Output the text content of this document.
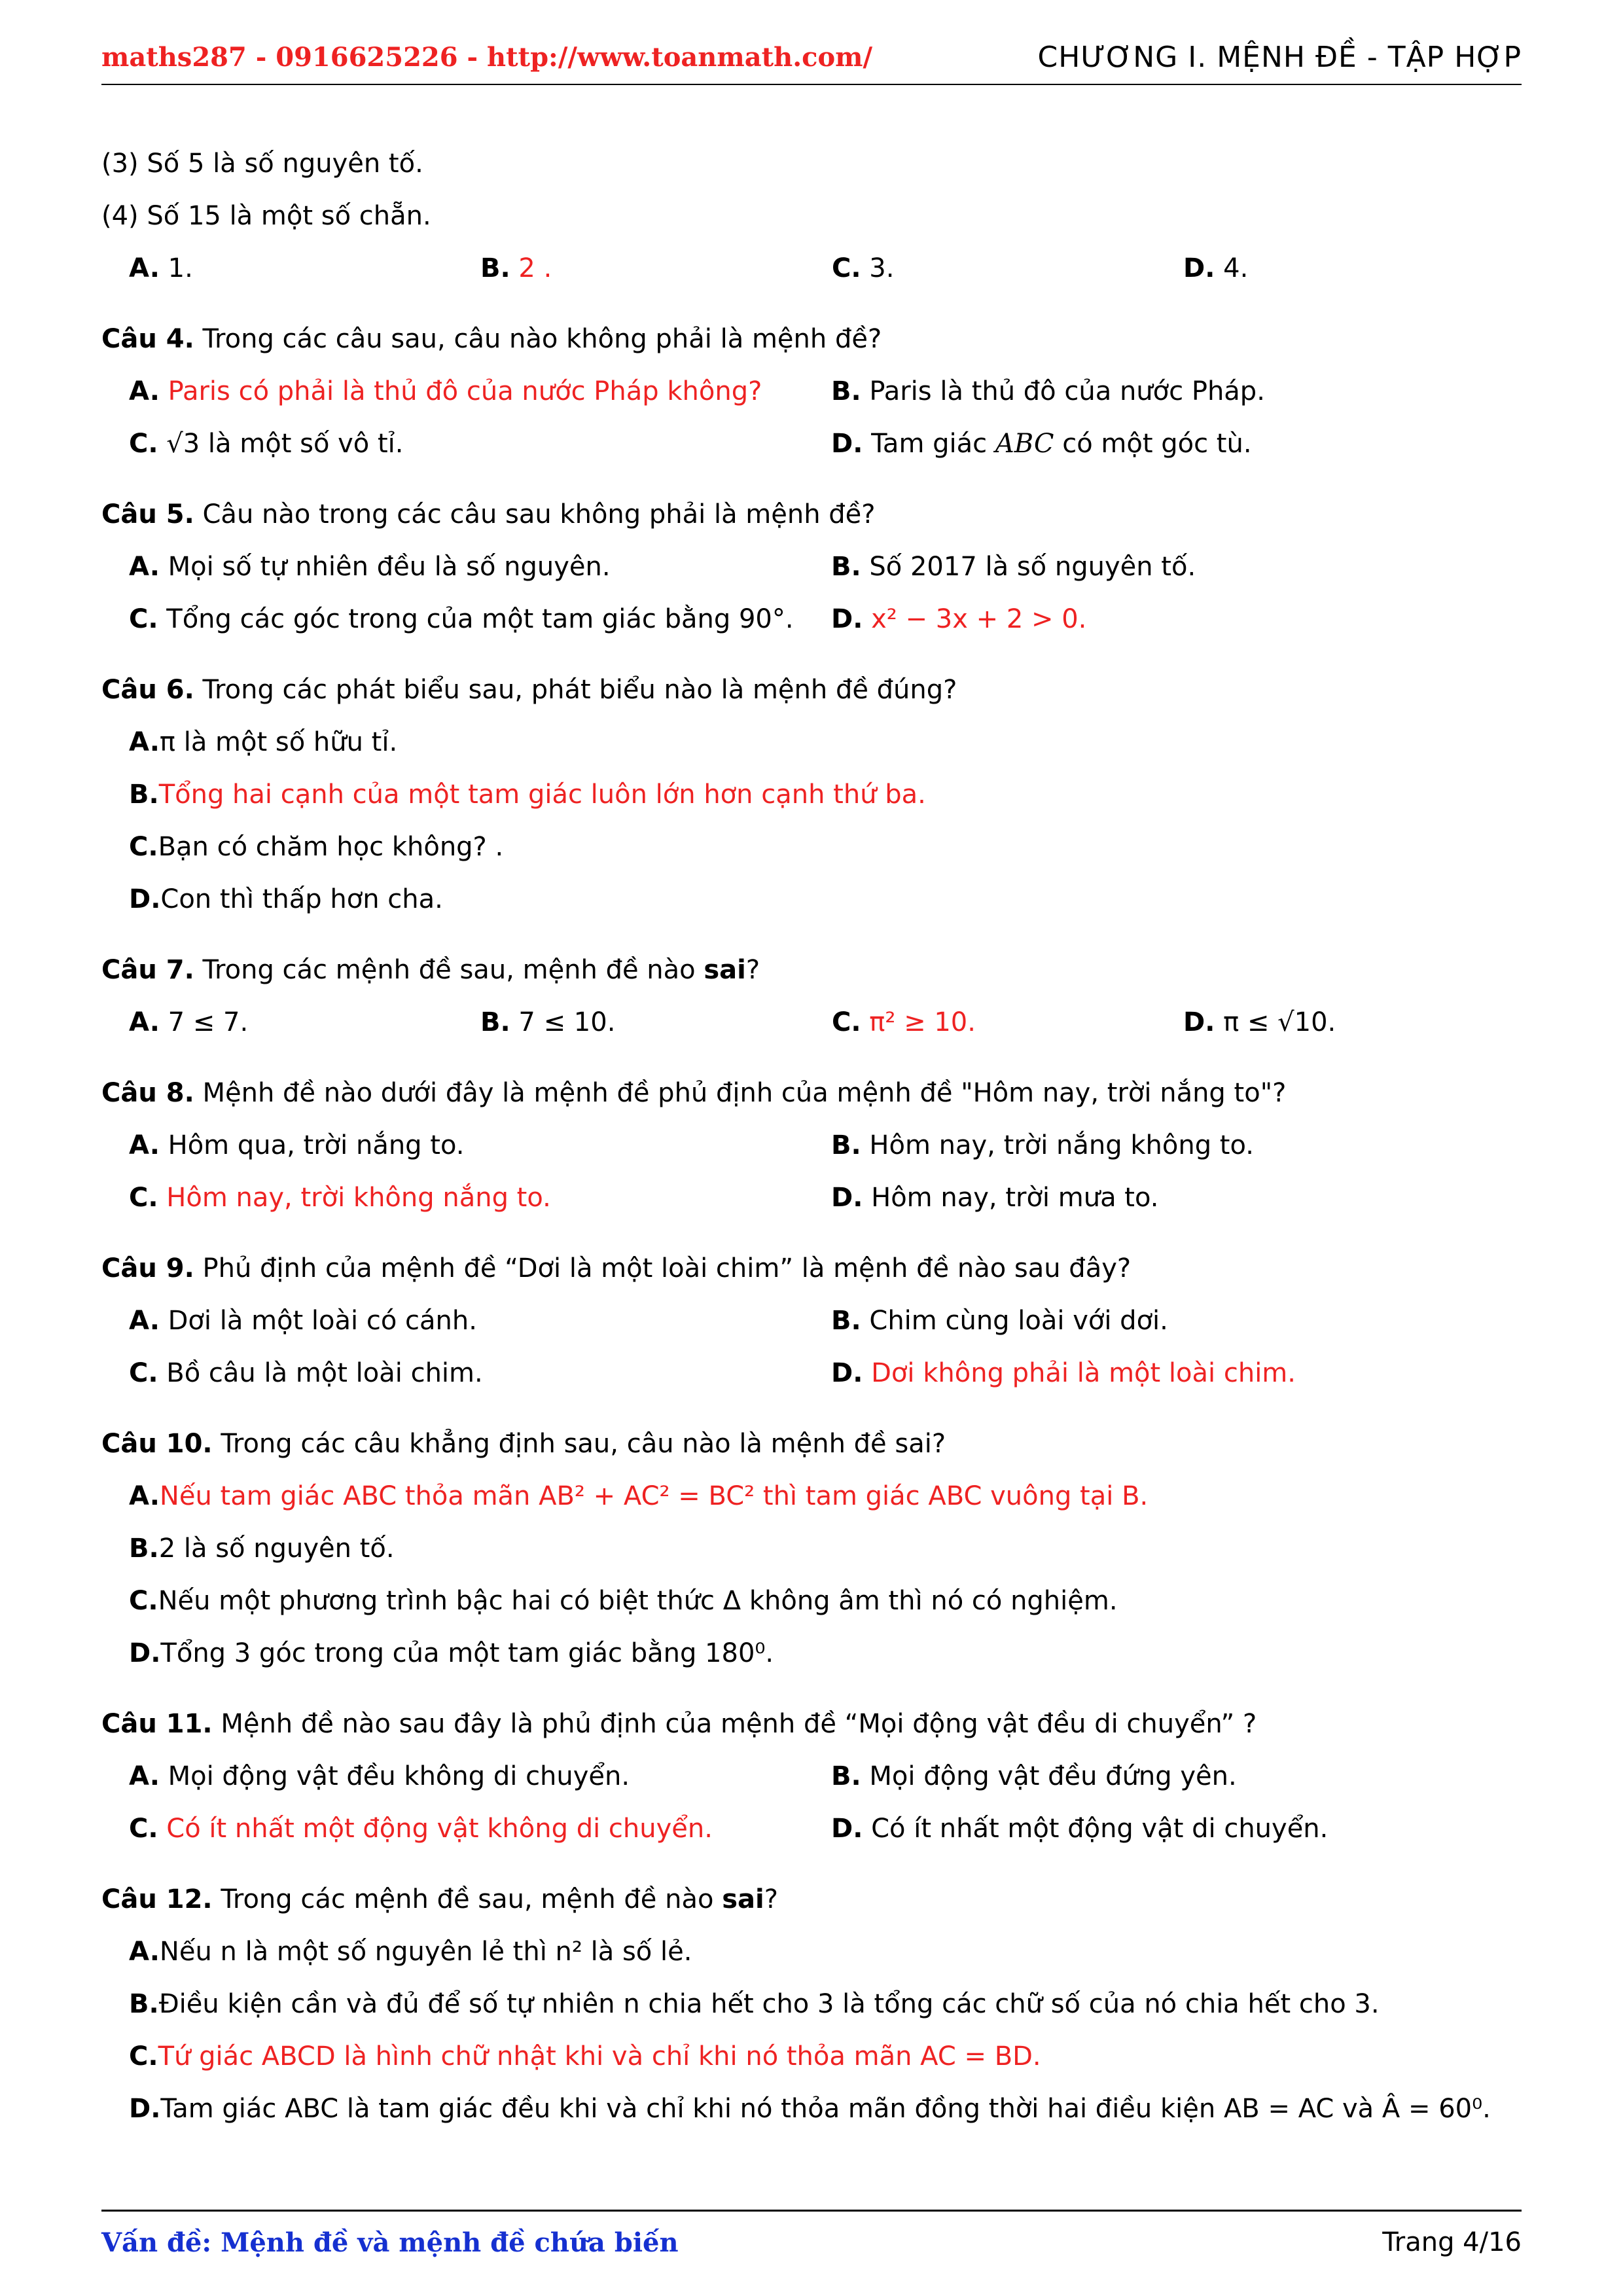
maths287 - 0916625226 - http://www.toanmath.com/	CHƯƠNG I. MỆNH ĐỀ - TẬP HỢP
(3) Số 5 là số nguyên tố.
(4) Số 15 là một số chẵn.
A. 1.	B. 2 .	C. 3.	D. 4.
Câu 4. Trong các câu sau, câu nào không phải là mệnh đề?
A. Paris có phải là thủ đô của nước Pháp không?	B. Paris là thủ đô của nước Pháp.
C. √3 là một số vô tỉ.	D. Tam giác ABC có một góc tù.
Câu 5. Câu nào trong các câu sau không phải là mệnh đề?
A. Mọi số tự nhiên đều là số nguyên.	B. Số 2017 là số nguyên tố.
C. Tổng các góc trong của một tam giác bằng 90°.	D. x² − 3x + 2 > 0.
Câu 6. Trong các phát biểu sau, phát biểu nào là mệnh đề đúng?
A. π là một số hữu tỉ.
B. Tổng hai cạnh của một tam giác luôn lớn hơn cạnh thứ ba.
C. Bạn có chăm học không? .
D. Con thì thấp hơn cha.
Câu 7. Trong các mệnh đề sau, mệnh đề nào sai?
A. 7 ≤ 7.	B. 7 ≤ 10.	C. π² ≥ 10.	D. π ≤ √10.
Câu 8. Mệnh đề nào dưới đây là mệnh đề phủ định của mệnh đề "Hôm nay, trời nắng to"?
A. Hôm qua, trời nắng to.	B. Hôm nay, trời nắng không to.
C. Hôm nay, trời không nắng to.	D. Hôm nay, trời mưa to.
Câu 9. Phủ định của mệnh đề “Dơi là một loài chim” là mệnh đề nào sau đây?
A. Dơi là một loài có cánh.	B. Chim cùng loài với dơi.
C. Bồ câu là một loài chim.	D. Dơi không phải là một loài chim.
Câu 10. Trong các câu khẳng định sau, câu nào là mệnh đề sai?
A. Nếu tam giác ABC thỏa mãn AB² + AC² = BC² thì tam giác ABC vuông tại B.
B. 2 là số nguyên tố.
C. Nếu một phương trình bậc hai có biệt thức Δ không âm thì nó có nghiệm.
D. Tổng 3 góc trong của một tam giác bằng 180⁰.
Câu 11. Mệnh đề nào sau đây là phủ định của mệnh đề “Mọi động vật đều di chuyển” ?
A. Mọi động vật đều không di chuyển.	B. Mọi động vật đều đứng yên.
C. Có ít nhất một động vật không di chuyển.	D. Có ít nhất một động vật di chuyển.
Câu 12. Trong các mệnh đề sau, mệnh đề nào sai?
A. Nếu n là một số nguyên lẻ thì n² là số lẻ.
B. Điều kiện cần và đủ để số tự nhiên n chia hết cho 3 là tổng các chữ số của nó chia hết cho 3.
C. Tứ giác ABCD là hình chữ nhật khi và chỉ khi nó thỏa mãn AC = BD.
D. Tam giác ABC là tam giác đều khi và chỉ khi nó thỏa mãn đồng thời hai điều kiện AB = AC và Â = 60⁰.
Vấn đề: Mệnh đề và mệnh đề chứa biến	Trang 4/16
